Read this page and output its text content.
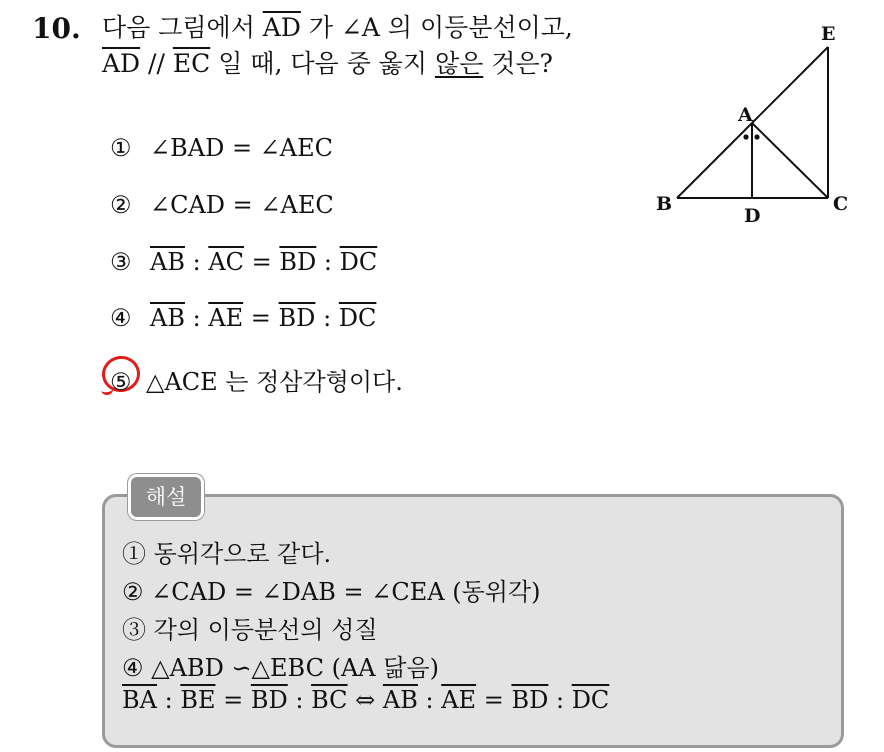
10. 다음 그림에서 $\overline{AD}$ 가 ∠A 의 이등분선이고,
$\overline{AD} // \overline{EC}$ 일 때, 다음 중 옳지 않은 것은?
① ∠BAD = ∠AEC
② ∠CAD = ∠AEC
③ $\overline{AB}$ : $\overline{AC} = \overline{BD}$ : $\overline{DC}$
④ $\overline{AB}$ : $\overline{AE} = \overline{BD}$ : $\overline{DC}$
⑤ △ACE 는 정삼각형이다.
A
B	C
D
E
해설
① 동위각으로 같다.
② ∠CAD = ∠DAB = ∠CEA (동위각)
③ 각의 이등분선의 성질
④ △ABD ∽△EBC (AA 닮음)
$\overline{BA}$ : $\overline{BE} = \overline{BD}$ : $\overline{BC}$ ⇔ $\overline{AB}$ : $\overline{AE} = \overline{BD}$ : $\overline{DC}$
